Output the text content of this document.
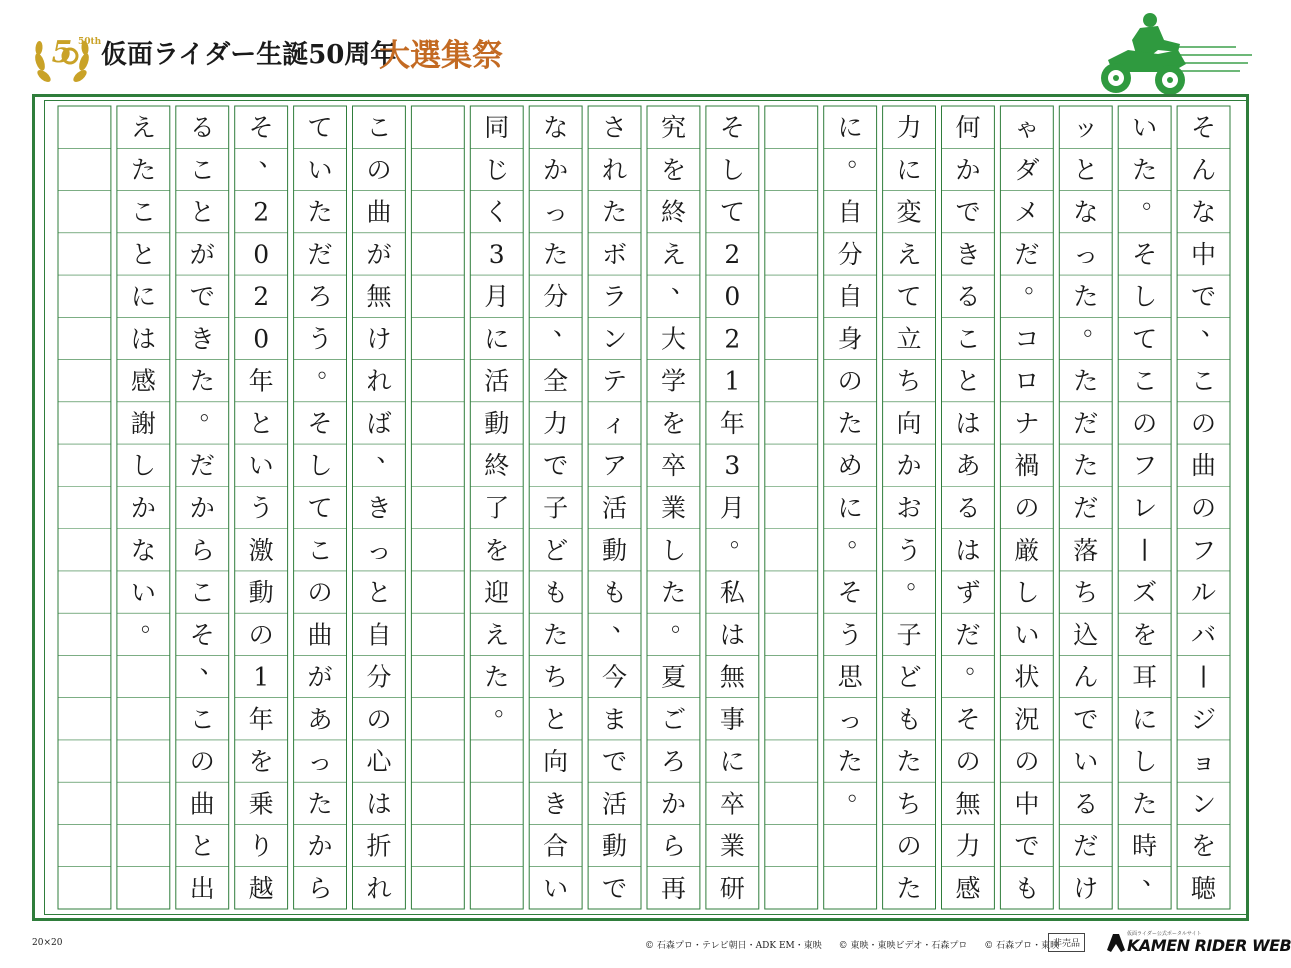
5 50th 仮面ライダー生誕50周年
大選集祭
そ
ん
な
中
で
、
こ
の
曲
の
フ
ル
バ
ジ
ョ
ン
を
聴
い
た
。
そ
し
て
こ
の
フ
レ
ズ
を
耳
に
し
た
時
、
ッ
と
な
っ
た
。
た
だ
た
だ
落
ち
込
ん
で
い
る
だ
け
ゃ
ダ
メ
だ
。
コ
ロ
ナ
禍
の
厳
し
い
状
況
の
中
で
も
何
か
で
き
る
こ
と
は
あ
る
は
ず
だ
。
そ
の
無
力
感
力
に
変
え
て
立
ち
向
か
お
う
。
子
ど
も
た
ち
の
た
に
。
自
分
自
身
の
た
め
に
。
そ
う
思
っ
た
。
そ
し
て
2
0
2
1
年
3
月
。
私
は
無
事
に
卒
業
研
究
を
終
え
、
大
学
を
卒
業
し
た
。
夏
ご
ろ
か
ら
再
さ
れ
た
ボ
ラ
ン
テ
ィ
ア
活
動
も
、
今
ま
で
活
動
で
な
か
っ
た
分
、
全
力
で
子
ど
も
た
ち
と
向
き
合
い
同
じ
く
3
月
に
活
動
終
了
を
迎
え
た
。
こ
の
曲
が
無
け
れ
ば
、
き
っ
と
自
分
の
心
は
折
れ
て
い
た
だ
ろ
う
。
そ
し
て
こ
の
曲
が
あ
っ
た
か
ら
そ
、
2
0
2
0
年
と
い
う
激
動
の
1
年
を
乗
り
越
る
こ
と
が
で
き
た
。
だ
か
ら
こ
そ
、
こ
の
曲
と
出
え
た
こ
と
に
は
感
謝
し
か
な
い
。
20×20	© 石森プロ・テレビ朝日・ADK EM・東映 © 東映・東映ビデオ・石森プロ © 石森プロ・東映
非売品
仮面ライダー公式ポータルサイト
KAMEN RIDER WEB
